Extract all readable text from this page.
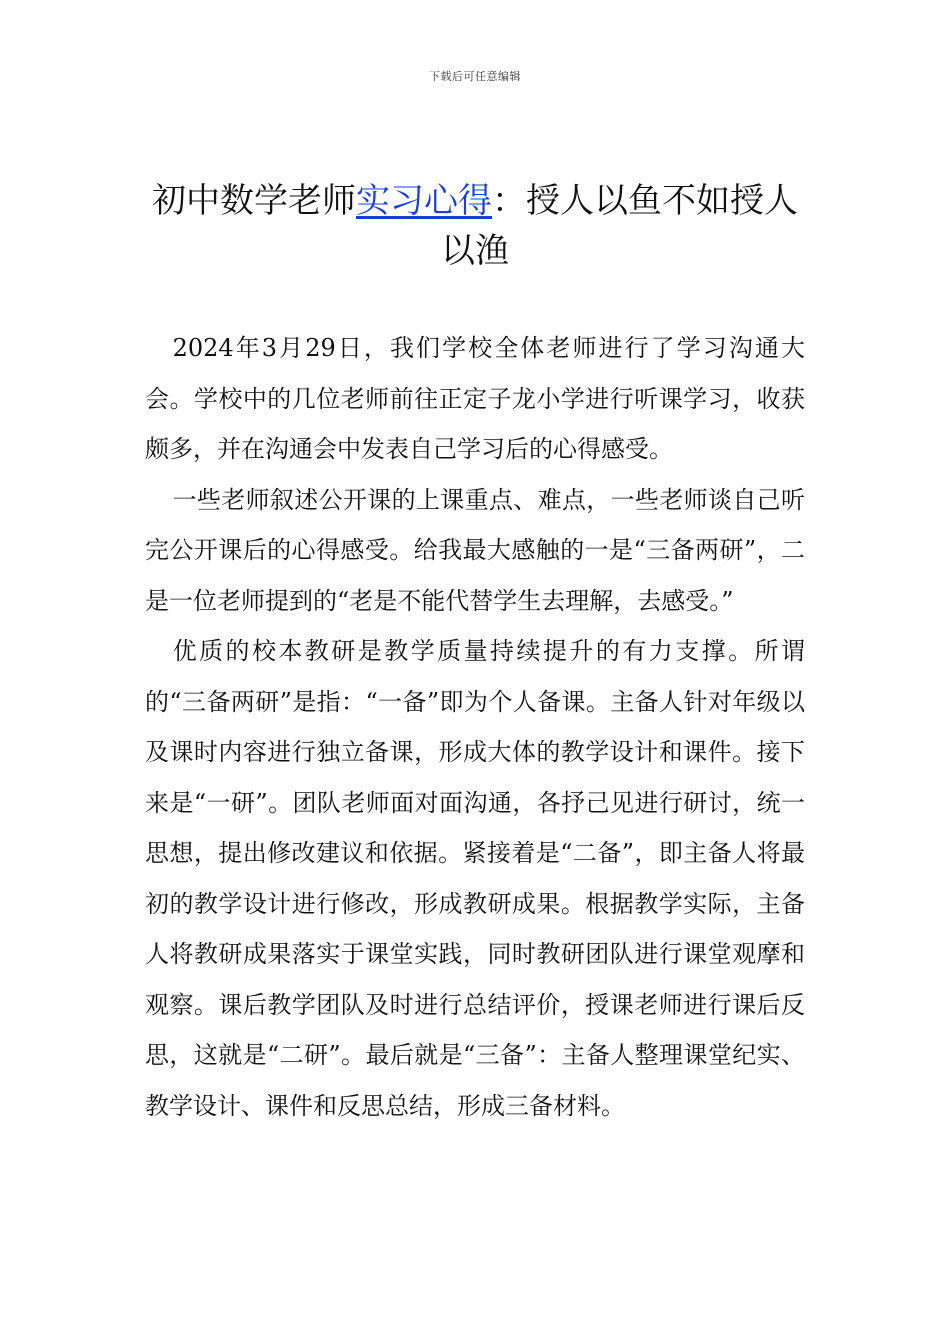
下载后可任意编辑
初中数学老师实习心得：授人以鱼不如授人以渔

2024年3月29日，我们学校全体老师进行了学习沟通大会。学校中的几位老师前往正定子龙小学进行听课学习，收获颇多，并在沟通会中发表自己学习后的心得感受。

一些老师叙述公开课的上课重点、难点，一些老师谈自己听完公开课后的心得感受。给我最大感触的一是“三备两研”，二是一位老师提到的“老是不能代替学生去理解，去感受。”

优质的校本教研是教学质量持续提升的有力支撑。所谓的“三备两研”是指：“一备”即为个人备课。主备人针对年级以及课时内容进行独立备课，形成大体的教学设计和课件。接下来是“一研”。团队老师面对面沟通，各抒己见进行研讨，统一思想，提出修改建议和依据。紧接着是“二备”，即主备人将最初的教学设计进行修改，形成教研成果。根据教学实际，主备人将教研成果落实于课堂实践，同时教研团队进行课堂观摩和观察。课后教学团队及时进行总结评价，授课老师进行课后反思，这就是“二研”。最后就是“三备”：主备人整理课堂纪实、教学设计、课件和反思总结，形成三备材料。
